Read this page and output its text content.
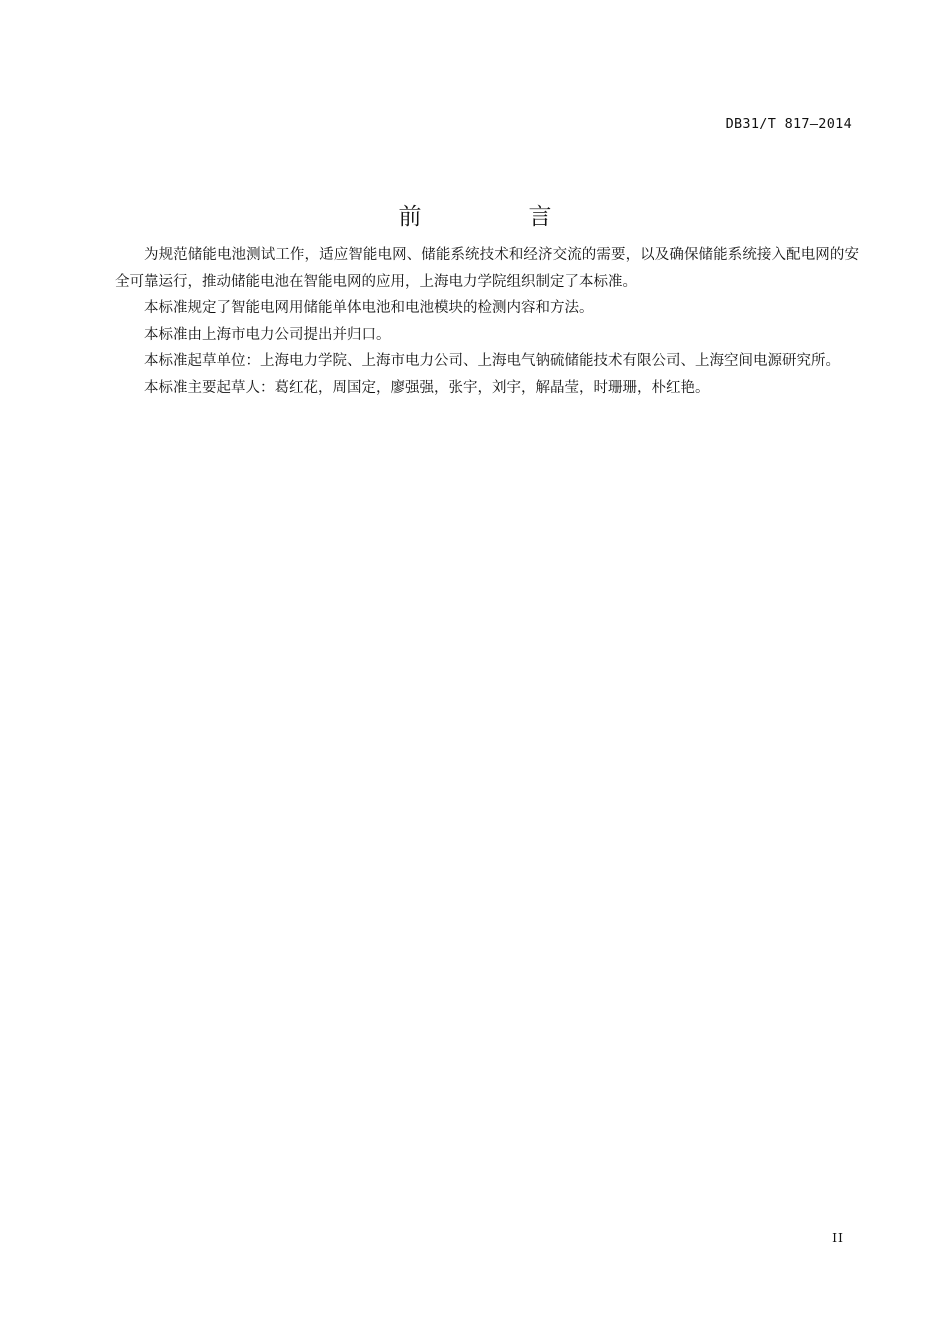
DB31/T 817—2014
前　言

为规范储能电池测试工作，适应智能电网、储能系统技术和经济交流的需要，以及确保储能系统接入配电网的安全可靠运行，推动储能电池在智能电网的应用，上海电力学院组织制定了本标准。

本标准规定了智能电网用储能单体电池和电池模块的检测内容和方法。

本标准由上海市电力公司提出并归口。

本标准起草单位：上海电力学院、上海市电力公司、上海电气钠硫储能技术有限公司、上海空间电源研究所。

本标准主要起草人：葛红花，周国定，廖强强，张宇，刘宇，解晶莹，时珊珊，朴红艳。

II
